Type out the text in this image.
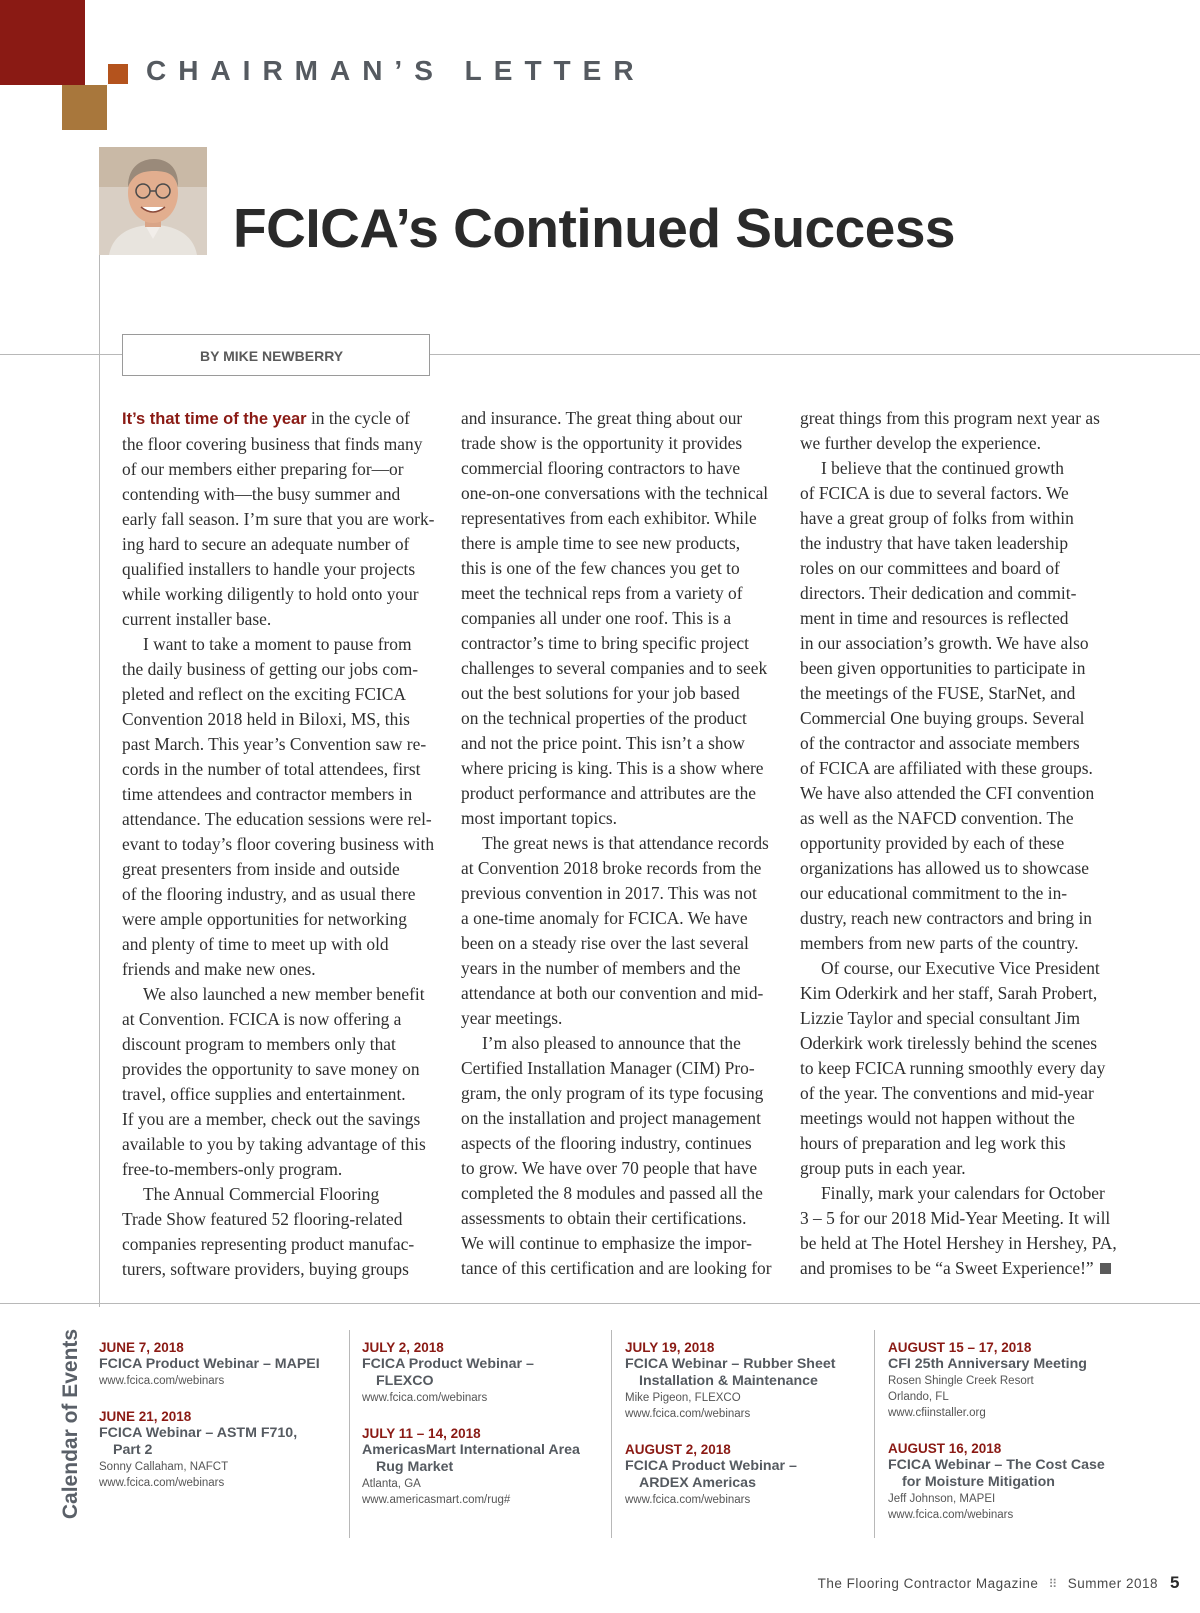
CHAIRMAN’S LETTER
FCICA’s Continued Success
BY MIKE NEWBERRY
It’s that time of the year in the cycle of
the floor covering business that finds many
of our members either preparing for—or
contending with—the busy summer and
early fall season. I’m sure that you are work-
ing hard to secure an adequate number of
qualified installers to handle your projects
while working diligently to hold onto your
current installer base.
I want to take a moment to pause from
the daily business of getting our jobs com-
pleted and reflect on the exciting FCICA
Convention 2018 held in Biloxi, MS, this
past March. This year’s Convention saw re-
cords in the number of total attendees, first
time attendees and contractor members in
attendance. The education sessions were rel-
evant to today’s floor covering business with
great presenters from inside and outside
of the flooring industry, and as usual there
were ample opportunities for networking
and plenty of time to meet up with old
friends and make new ones.
We also launched a new member benefit
at Convention. FCICA is now offering a
discount program to members only that
provides the opportunity to save money on
travel, office supplies and entertainment.
If you are a member, check out the savings
available to you by taking advantage of this
free-to-members-only program.
The Annual Commercial Flooring
Trade Show featured 52 flooring-related
companies representing product manufac-
turers, software providers, buying groups
and insurance. The great thing about our
trade show is the opportunity it provides
commercial flooring contractors to have
one-on-one conversations with the technical
representatives from each exhibitor. While
there is ample time to see new products,
this is one of the few chances you get to
meet the technical reps from a variety of
companies all under one roof. This is a
contractor’s time to bring specific project
challenges to several companies and to seek
out the best solutions for your job based
on the technical properties of the product
and not the price point. This isn’t a show
where pricing is king. This is a show where
product performance and attributes are the
most important topics.
The great news is that attendance records
at Convention 2018 broke records from the
previous convention in 2017. This was not
a one-time anomaly for FCICA. We have
been on a steady rise over the last several
years in the number of members and the
attendance at both our convention and mid-
year meetings.
I’m also pleased to announce that the
Certified Installation Manager (CIM) Pro-
gram, the only program of its type focusing
on the installation and project management
aspects of the flooring industry, continues
to grow. We have over 70 people that have
completed the 8 modules and passed all the
assessments to obtain their certifications.
We will continue to emphasize the impor-
tance of this certification and are looking for
great things from this program next year as
we further develop the experience.
I believe that the continued growth
of FCICA is due to several factors. We
have a great group of folks from within
the industry that have taken leadership
roles on our committees and board of
directors. Their dedication and commit-
ment in time and resources is reflected
in our association’s growth. We have also
been given opportunities to participate in
the meetings of the FUSE, StarNet, and
Commercial One buying groups. Several
of the contractor and associate members
of FCICA are affiliated with these groups.
We have also attended the CFI convention
as well as the NAFCD convention. The
opportunity provided by each of these
organizations has allowed us to showcase
our educational commitment to the in-
dustry, reach new contractors and bring in
members from new parts of the country.
Of course, our Executive Vice President
Kim Oderkirk and her staff, Sarah Probert,
Lizzie Taylor and special consultant Jim
Oderkirk work tirelessly behind the scenes
to keep FCICA running smoothly every day
of the year. The conventions and mid-year
meetings would not happen without the
hours of preparation and leg work this
group puts in each year.
Finally, mark your calendars for October
3 – 5 for our 2018 Mid-Year Meeting. It will
be held at The Hotel Hershey in Hershey, PA,
and promises to be “a Sweet Experience!”
Calendar of Events JUNE 7, 2018
FCICA Product Webinar – MAPEI
www.fcica.com/webinars
JUNE 21, 2018
FCICA Webinar – ASTM F710,
Part 2
Sonny Callaham, NAFCT
www.fcica.com/webinars
JULY 2, 2018
FCICA Product Webinar –
FLEXCO
www.fcica.com/webinars
JULY 11 – 14, 2018
AmericasMart International Area
Rug Market
Atlanta, GA
www.americasmart.com/rug#
JULY 19, 2018
FCICA Webinar – Rubber Sheet
Installation & Maintenance
Mike Pigeon, FLEXCO
www.fcica.com/webinars
AUGUST 2, 2018
FCICA Product Webinar –
ARDEX Americas
www.fcica.com/webinars
AUGUST 15 – 17, 2018
CFI 25th Anniversary Meeting
Rosen Shingle Creek Resort
Orlando, FL
www.cfiinstaller.org
AUGUST 16, 2018
FCICA Webinar – The Cost Case
for Moisture Mitigation
Jeff Johnson, MAPEI
www.fcica.com/webinars
The Flooring Contractor Magazine ⠿ Summer 2018 5
